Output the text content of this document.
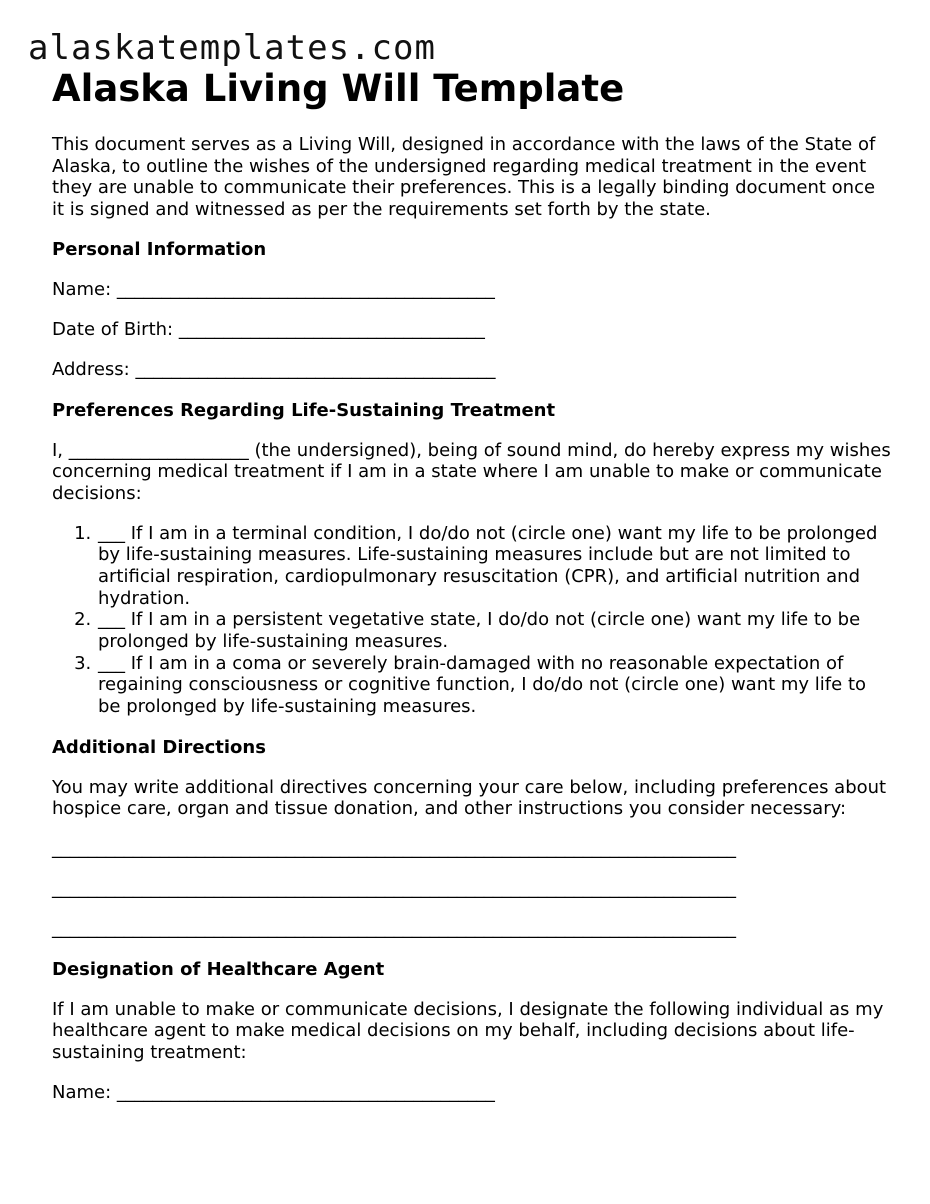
alaskatemplates.com
Alaska Living Will Template

This document serves as a Living Will, designed in accordance with the laws of the State of Alaska, to outline the wishes of the undersigned regarding medical treatment in the event they are unable to communicate their preferences. This is a legally binding document once it is signed and witnessed as per the requirements set forth by the state.

Personal Information

Name: __________________________________________

Date of Birth: __________________________________

Address: ________________________________________

Preferences Regarding Life-Sustaining Treatment

I, ____________________ (the undersigned), being of sound mind, do hereby express my wishes concerning medical treatment if I am in a state where I am unable to make or communicate decisions:

1. ___ If I am in a terminal condition, I do/do not (circle one) want my life to be prolonged by life-sustaining measures. Life-sustaining measures include but are not limited to artificial respiration, cardiopulmonary resuscitation (CPR), and artificial nutrition and hydration.
2. ___ If I am in a persistent vegetative state, I do/do not (circle one) want my life to be prolonged by life-sustaining measures.
3. ___ If I am in a coma or severely brain-damaged with no reasonable expectation of regaining consciousness or cognitive function, I do/do not (circle one) want my life to be prolonged by life-sustaining measures.
Additional Directions

You may write additional directives concerning your care below, including preferences about hospice care, organ and tissue donation, and other instructions you consider necessary:

____________________________________________________________________________

____________________________________________________________________________

____________________________________________________________________________

Designation of Healthcare Agent

If I am unable to make or communicate decisions, I designate the following individual as my healthcare agent to make medical decisions on my behalf, including decisions about life-sustaining treatment:

Name: __________________________________________
